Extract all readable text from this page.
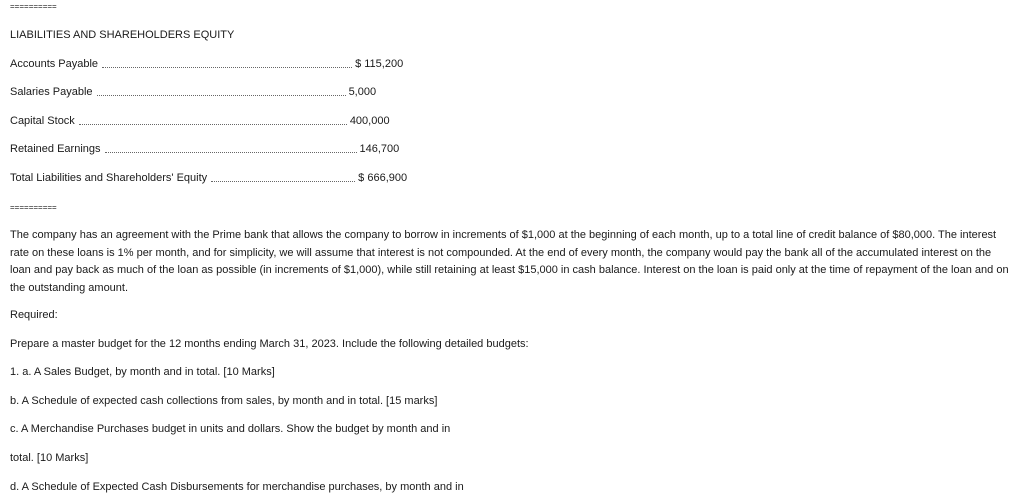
==========
LIABILITIES AND SHAREHOLDERS EQUITY
Accounts Payable	$ 115,200
Salaries Payable	5,000
Capital Stock	400,000
Retained Earnings	146,700
Total Liabilities and Shareholders' Equity	$ 666,900
==========
The company has an agreement with the Prime bank that allows the company to borrow in increments of $1,000 at the beginning of each month, up to a total line of credit balance of $80,000. The interest rate on these loans is 1% per month, and for simplicity, we will assume that interest is not compounded. At the end of every month, the company would pay the bank all of the accumulated interest on the loan and pay back as much of the loan as possible (in increments of $1,000), while still retaining at least $15,000 in cash balance. Interest on the loan is paid only at the time of repayment of the loan and on the outstanding amount.
Required:
Prepare a master budget for the 12 months ending March 31, 2023. Include the following detailed budgets:
1. a. A Sales Budget, by month and in total. [10 Marks]
b. A Schedule of expected cash collections from sales, by month and in total. [15 marks]
c. A Merchandise Purchases budget in units and dollars. Show the budget by month and in
total. [10 Marks]
d. A Schedule of Expected Cash Disbursements for merchandise purchases, by month and in
